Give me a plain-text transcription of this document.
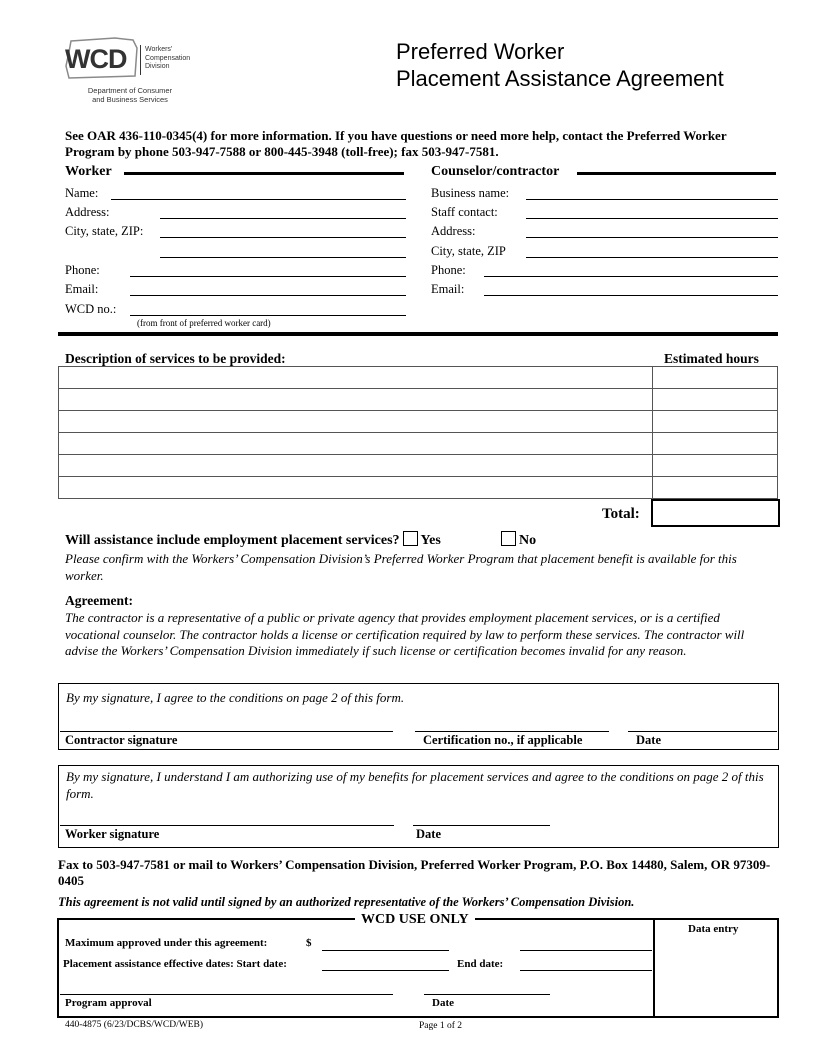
WCD	Workers’
Compensation
Division
Department of Consumer
and Business Services
Preferred Worker
Placement Assistance Agreement
See OAR 436-110-0345(4) for more information. If you have questions or need more help, contact the Preferred Worker Program by phone 503-947-7588 or 800-445-3948 (toll-free); fax 503-947-7581.
Worker
Name:
Address:
City, state, ZIP:
Phone:
Email:
WCD no.:
(from front of preferred worker card)
Counselor/contractor
Business name:
Staff contact:
Address:
City, state, ZIP
Phone:
Email:
Description of services to be provided:	Estimated hours
Total:
Will assistance include employment placement services? Yes	No
Please confirm with the Workers’ Compensation Division’s Preferred Worker Program that placement benefit is available for this worker.
Agreement:
The contractor is a representative of a public or private agency that provides employment placement services, or is a certified vocational counselor. The contractor holds a license or certification required by law to perform these services. The contractor will advise the Workers’ Compensation Division immediately if such license or certification becomes invalid for any reason.
By my signature, I agree to the conditions on page 2 of this form.
Contractor signature	Certification no., if applicable	Date
By my signature, I understand I am authorizing use of my benefits for placement services and agree to the conditions on page 2 of this form.
Worker signature	Date
Fax to 503-947-7581 or mail to Workers’ Compensation Division, Preferred Worker Program, P.O. Box 14480, Salem, OR 97309-0405
This agreement is not valid until signed by an authorized representative of the Workers’ Compensation Division.
WCD USE ONLY
Maximum approved under this agreement:	$
Placement assistance effective dates: Start date:	End date:
Program approval	Date
Data entry
440-4875 (6/23/DCBS/WCD/WEB)	Page 1 of 2
